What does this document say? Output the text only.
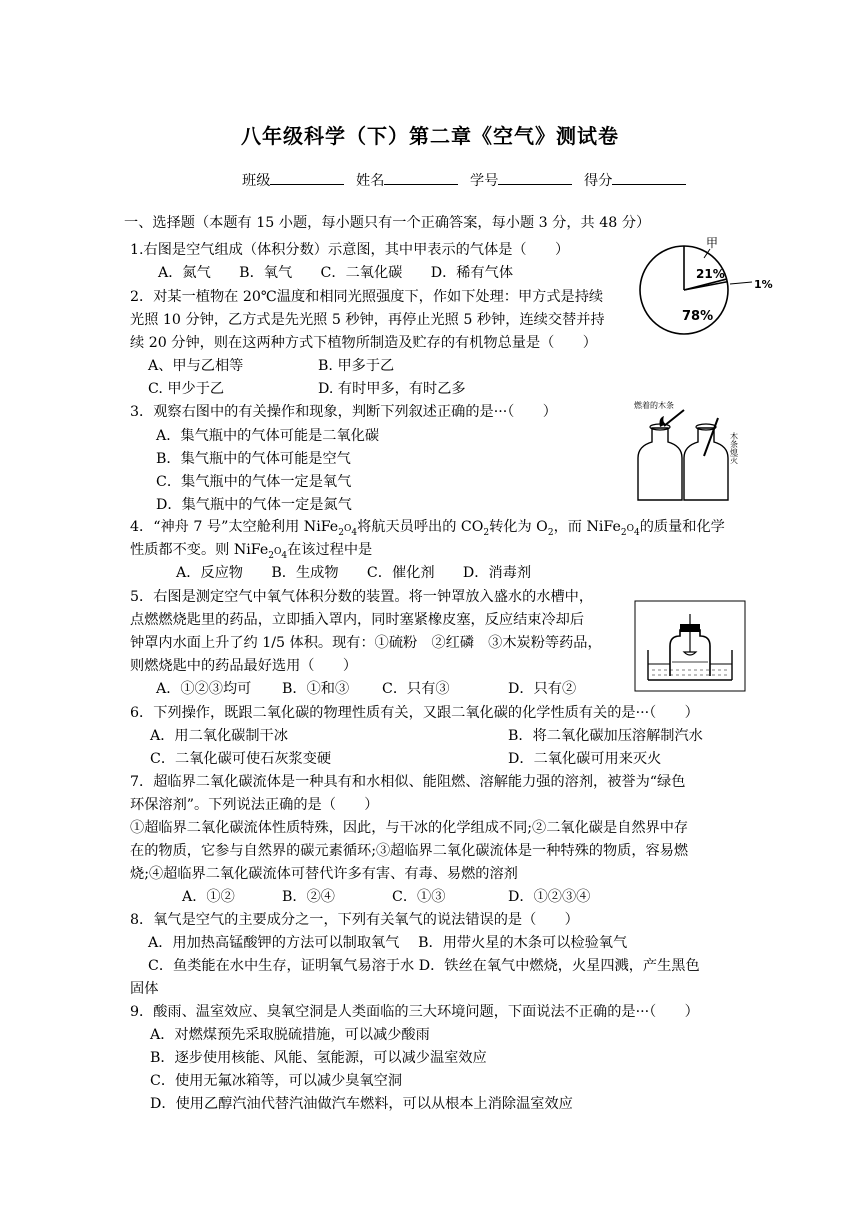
八年级科学（下）第二章《空气》测试卷
班级	姓名	学号	得分
一、选择题（本题有 15 小题，每小题只有一个正确答案，每小题 3 分，共 48 分）
1.右图是空气组成（体积分数）示意图，其中甲表示的气体是（　　）
A．氮气　　B．氧气　　C．二氧化碳　　D．稀有气体	21%
78%
1%
甲
2．对某一植物在 20℃温度和相同光照强度下，作如下处理：甲方式是持续
光照 10 分钟，乙方式是先光照 5 秒钟，再停止光照 5 秒钟，连续交替并持
续 20 分钟，则在这两种方式下植物所制造及贮存的有机物总量是（　　）
A、甲与乙相等	B. 甲多于乙
C. 甲少于乙	D. 有时甲多，有时乙多
3．观察右图中的有关操作和现象，判断下列叙述正确的是···（　　）
A．集气瓶中的气体可能是二氧化碳
B．集气瓶中的气体可能是空气
C．集气瓶中的气体一定是氧气
D．集气瓶中的气体一定是氮气
燃着的木条
木条熄灭
4．“神舟 7 号”太空舱利用 $NiFe_2O_4$将航天员呼出的 $CO_2$转化为 $O_2$，而 $NiFe_2O_4$的质量和化学
性质都不变。则 $NiFe_2O_4$在该过程中是
A．反应物　　B．生成物　　C．催化剂　　D．消毒剂
5．右图是测定空气中氧气体积分数的装置。将一钟罩放入盛水的水槽中，
点燃燃烧匙里的药品，立即插入罩内，同时塞紧橡皮塞，反应结束冷却后
钟罩内水面上升了约 1/5 体积。现有：①硫粉　②红磷　③木炭粉等药品，
则燃烧匙中的药品最好选用（　　）
A．①②③均可 B．①和③ C．只有③	D．只有②
6．下列操作，既跟二氧化碳的物理性质有关，又跟二氧化碳的化学性质有关的是···（　　）
A．用二氧化碳制干冰	B．将二氧化碳加压溶解制汽水
C．二氧化碳可使石灰浆变硬	D．二氧化碳可用来灭火
7．超临界二氧化碳流体是一种具有和水相似、能阻燃、溶解能力强的溶剂，被誉为“绿色
环保溶剂”。下列说法正确的是（　　）
①超临界二氧化碳流体性质特殊，因此，与干冰的化学组成不同;②二氧化碳是自然界中存
在的物质，它参与自然界的碳元素循环;③超临界二氧化碳流体是一种特殊的物质，容易燃
烧;④超临界二氧化碳流体可替代许多有害、有毒、易燃的溶剂
A．①②	B．②④	C．①③	D．①②③④
8．氧气是空气的主要成分之一，下列有关氧气的说法错误的是（　　）
A．用加热高锰酸钾的方法可以制取氧气　 B．用带火星的木条可以检验氧气
C．鱼类能在水中生存，证明氧气易溶于水 D．铁丝在氧气中燃烧，火星四溅，产生黑色
固体
9．酸雨、温室效应、臭氧空洞是人类面临的三大环境问题，下面说法不正确的是···（　　）
A．对燃煤预先采取脱硫措施，可以减少酸雨
B．逐步使用核能、风能、氢能源，可以减少温室效应
C．使用无氟冰箱等，可以减少臭氧空洞
D．使用乙醇汽油代替汽油做汽车燃料，可以从根本上消除温室效应
